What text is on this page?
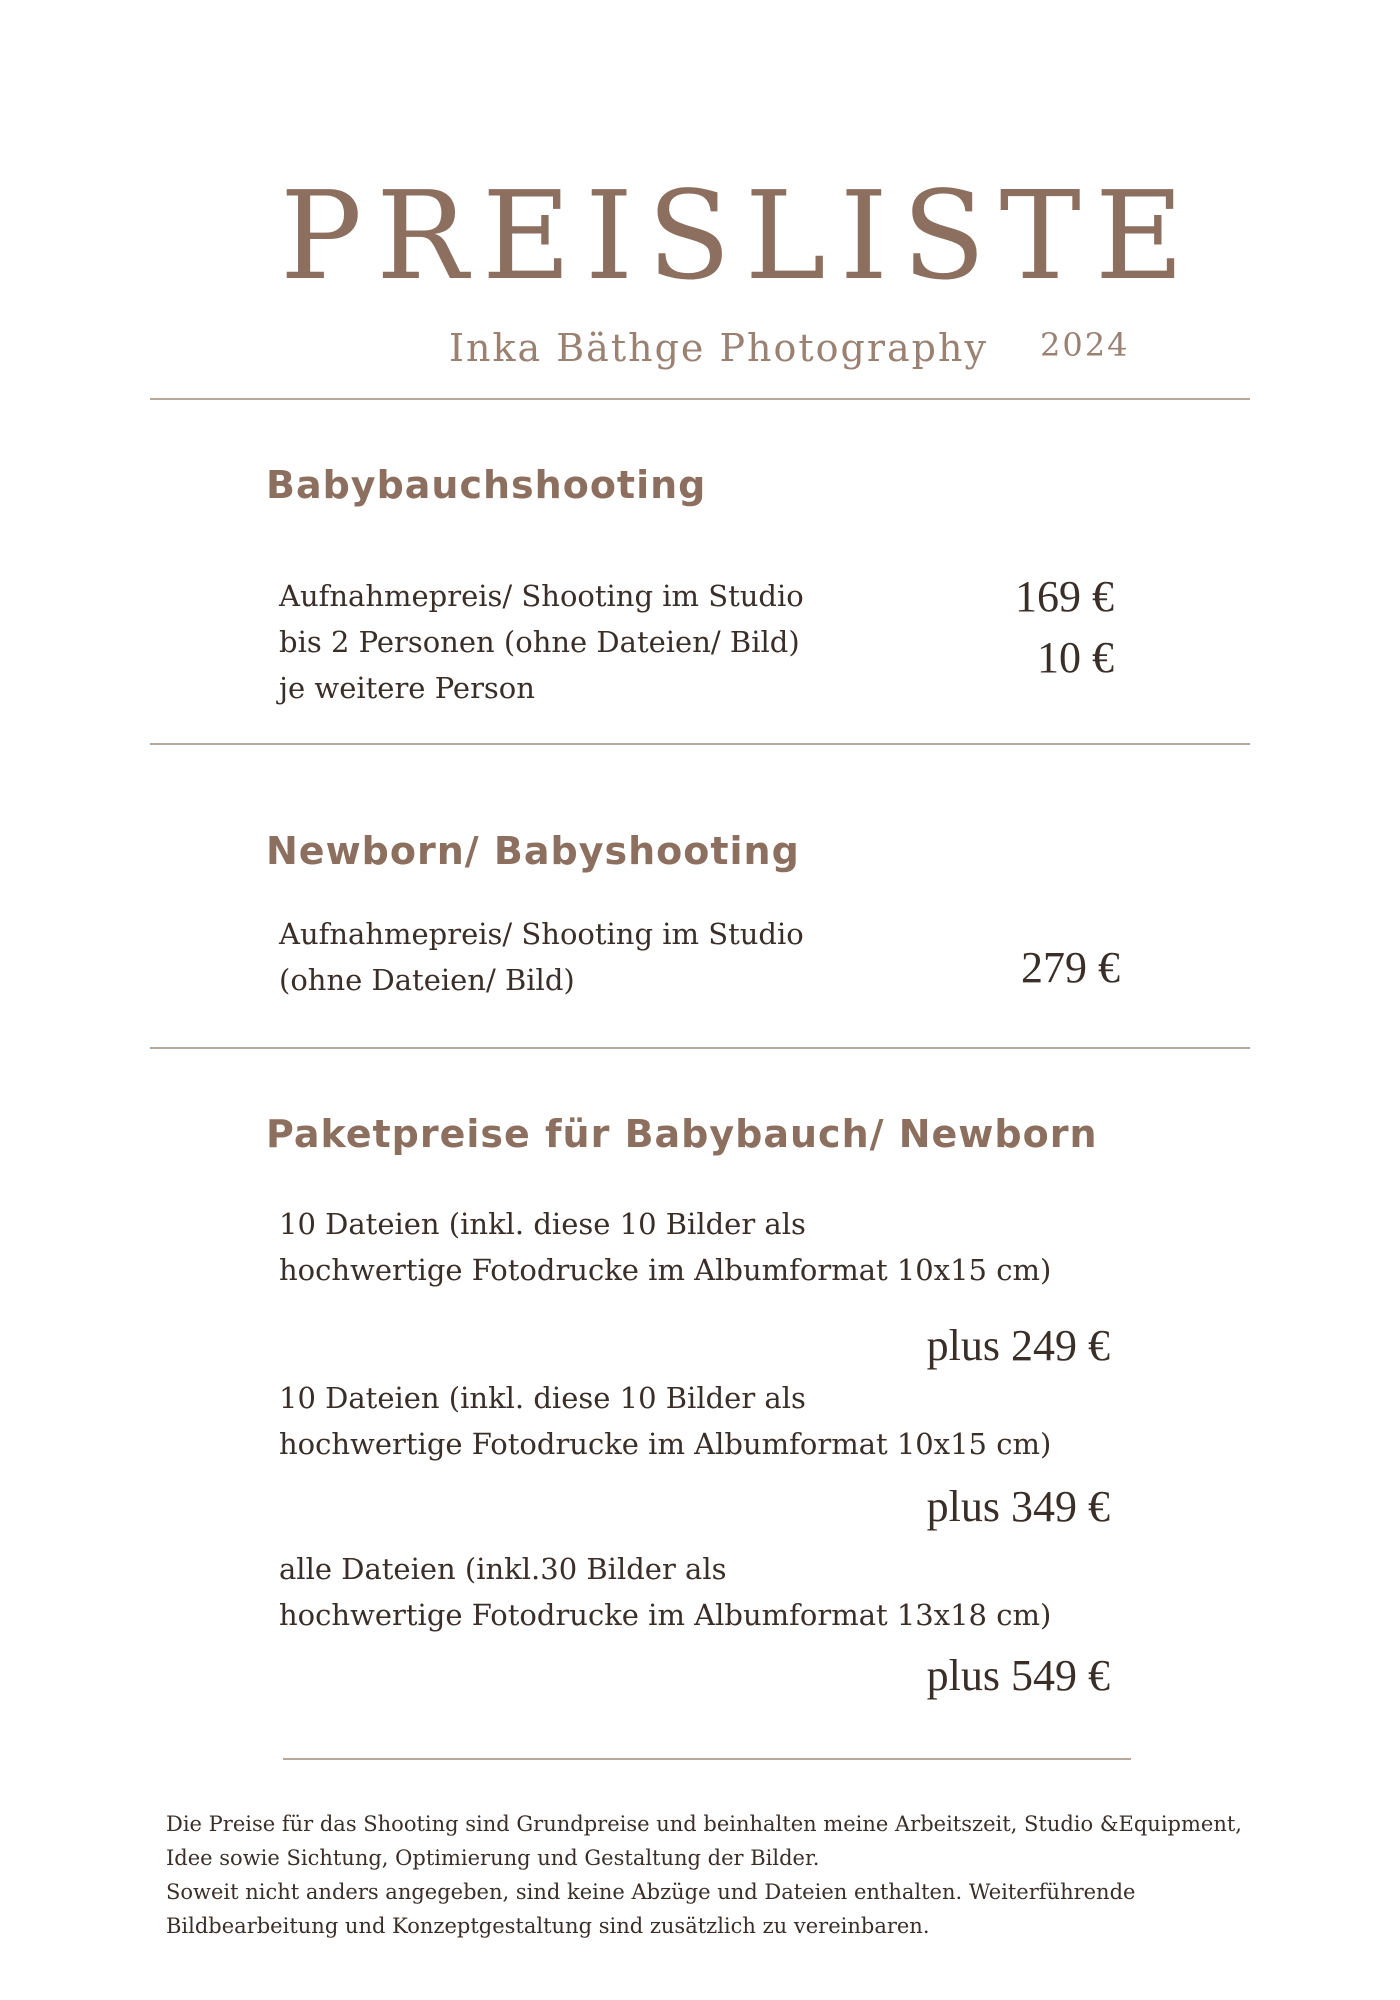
PREISLISTE
Inka Bäthge Photography 2024
Babybauchshooting
Aufnahmepreis/ Shooting im Studio
bis 2 Personen (ohne Dateien/ Bild)
je weitere Person
169 €
10 €
Newborn/ Babyshooting
Aufnahmepreis/ Shooting im Studio
(ohne Dateien/ Bild)	279 €
Paketpreise für Babybauch/ Newborn
10 Dateien (inkl. diese 10 Bilder als
hochwertige Fotodrucke im Albumformat 10x15 cm)
plus 249 €
10 Dateien (inkl. diese 10 Bilder als
hochwertige Fotodrucke im Albumformat 10x15 cm)
plus 349 €
alle Dateien (inkl.30 Bilder als
hochwertige Fotodrucke im Albumformat 13x18 cm)
plus 549 €
Die Preise für das Shooting sind Grundpreise und beinhalten meine Arbeitszeit, Studio &Equipment,
Idee sowie Sichtung, Optimierung und Gestaltung der Bilder.
Soweit nicht anders angegeben, sind keine Abzüge und Dateien enthalten. Weiterführende
Bildbearbeitung und Konzeptgestaltung sind zusätzlich zu vereinbaren.
